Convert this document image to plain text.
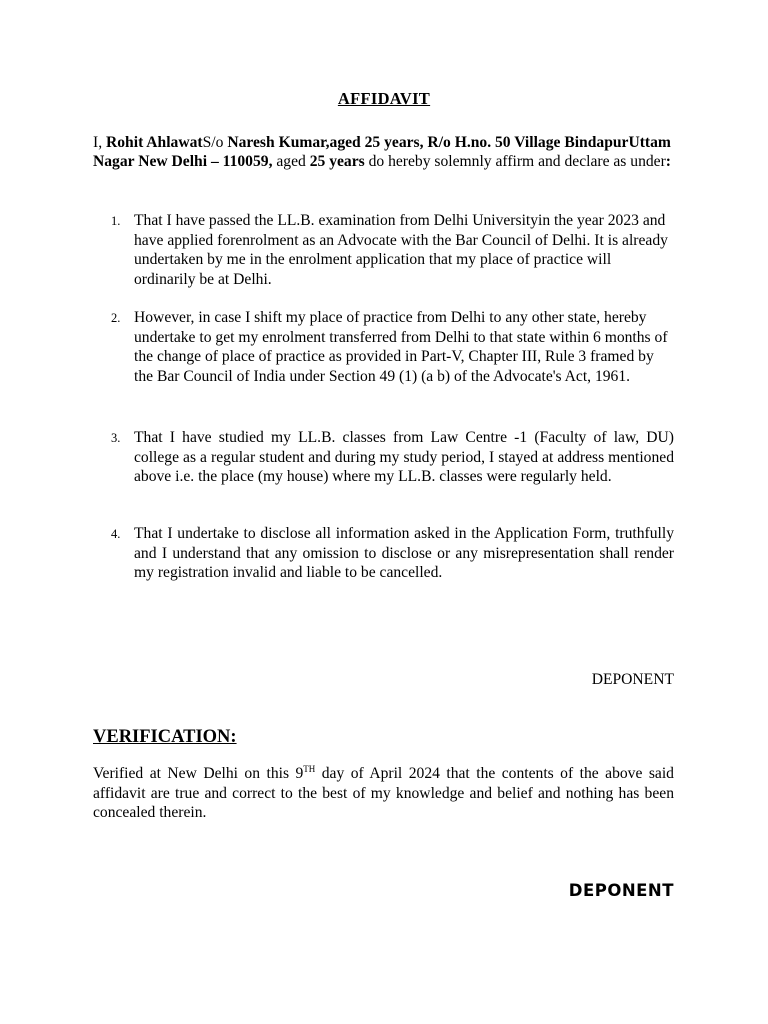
AFFIDAVIT
I, Rohit AhlawatS/o Naresh Kumar,aged 25 years, R/o H.no. 50 Village BindapurUttam Nagar New Delhi – 110059, aged 25 years do hereby solemnly affirm and declare as under:
1. That I have passed the LL.B. examination from Delhi Universityin the year 2023 and have applied forenrolment as an Advocate with the Bar Council of Delhi. It is already undertaken by me in the enrolment application that my place of practice will ordinarily be at Delhi.
2. However, in case I shift my place of practice from Delhi to any other state, hereby undertake to get my enrolment transferred from Delhi to that state within 6 months of the change of place of practice as provided in Part-V, Chapter III, Rule 3 framed by the Bar Council of India under Section 49 (1) (a b) of the Advocate's Act, 1961.
3. That I have studied my LL.B. classes from Law Centre -1 (Faculty of law, DU) college as a regular student and during my study period, I stayed at address mentioned above i.e. the place (my house) where my LL.B. classes were regularly held.
4. That I undertake to disclose all information asked in the Application Form, truthfully and I understand that any omission to disclose or any misrepresentation shall render my registration invalid and liable to be cancelled.
DEPONENT
VERIFICATION:
Verified at New Delhi on this 9TH day of April 2024 that the contents of the above said affidavit are true and correct to the best of my knowledge and belief and nothing has been concealed therein.
DEPONENT
